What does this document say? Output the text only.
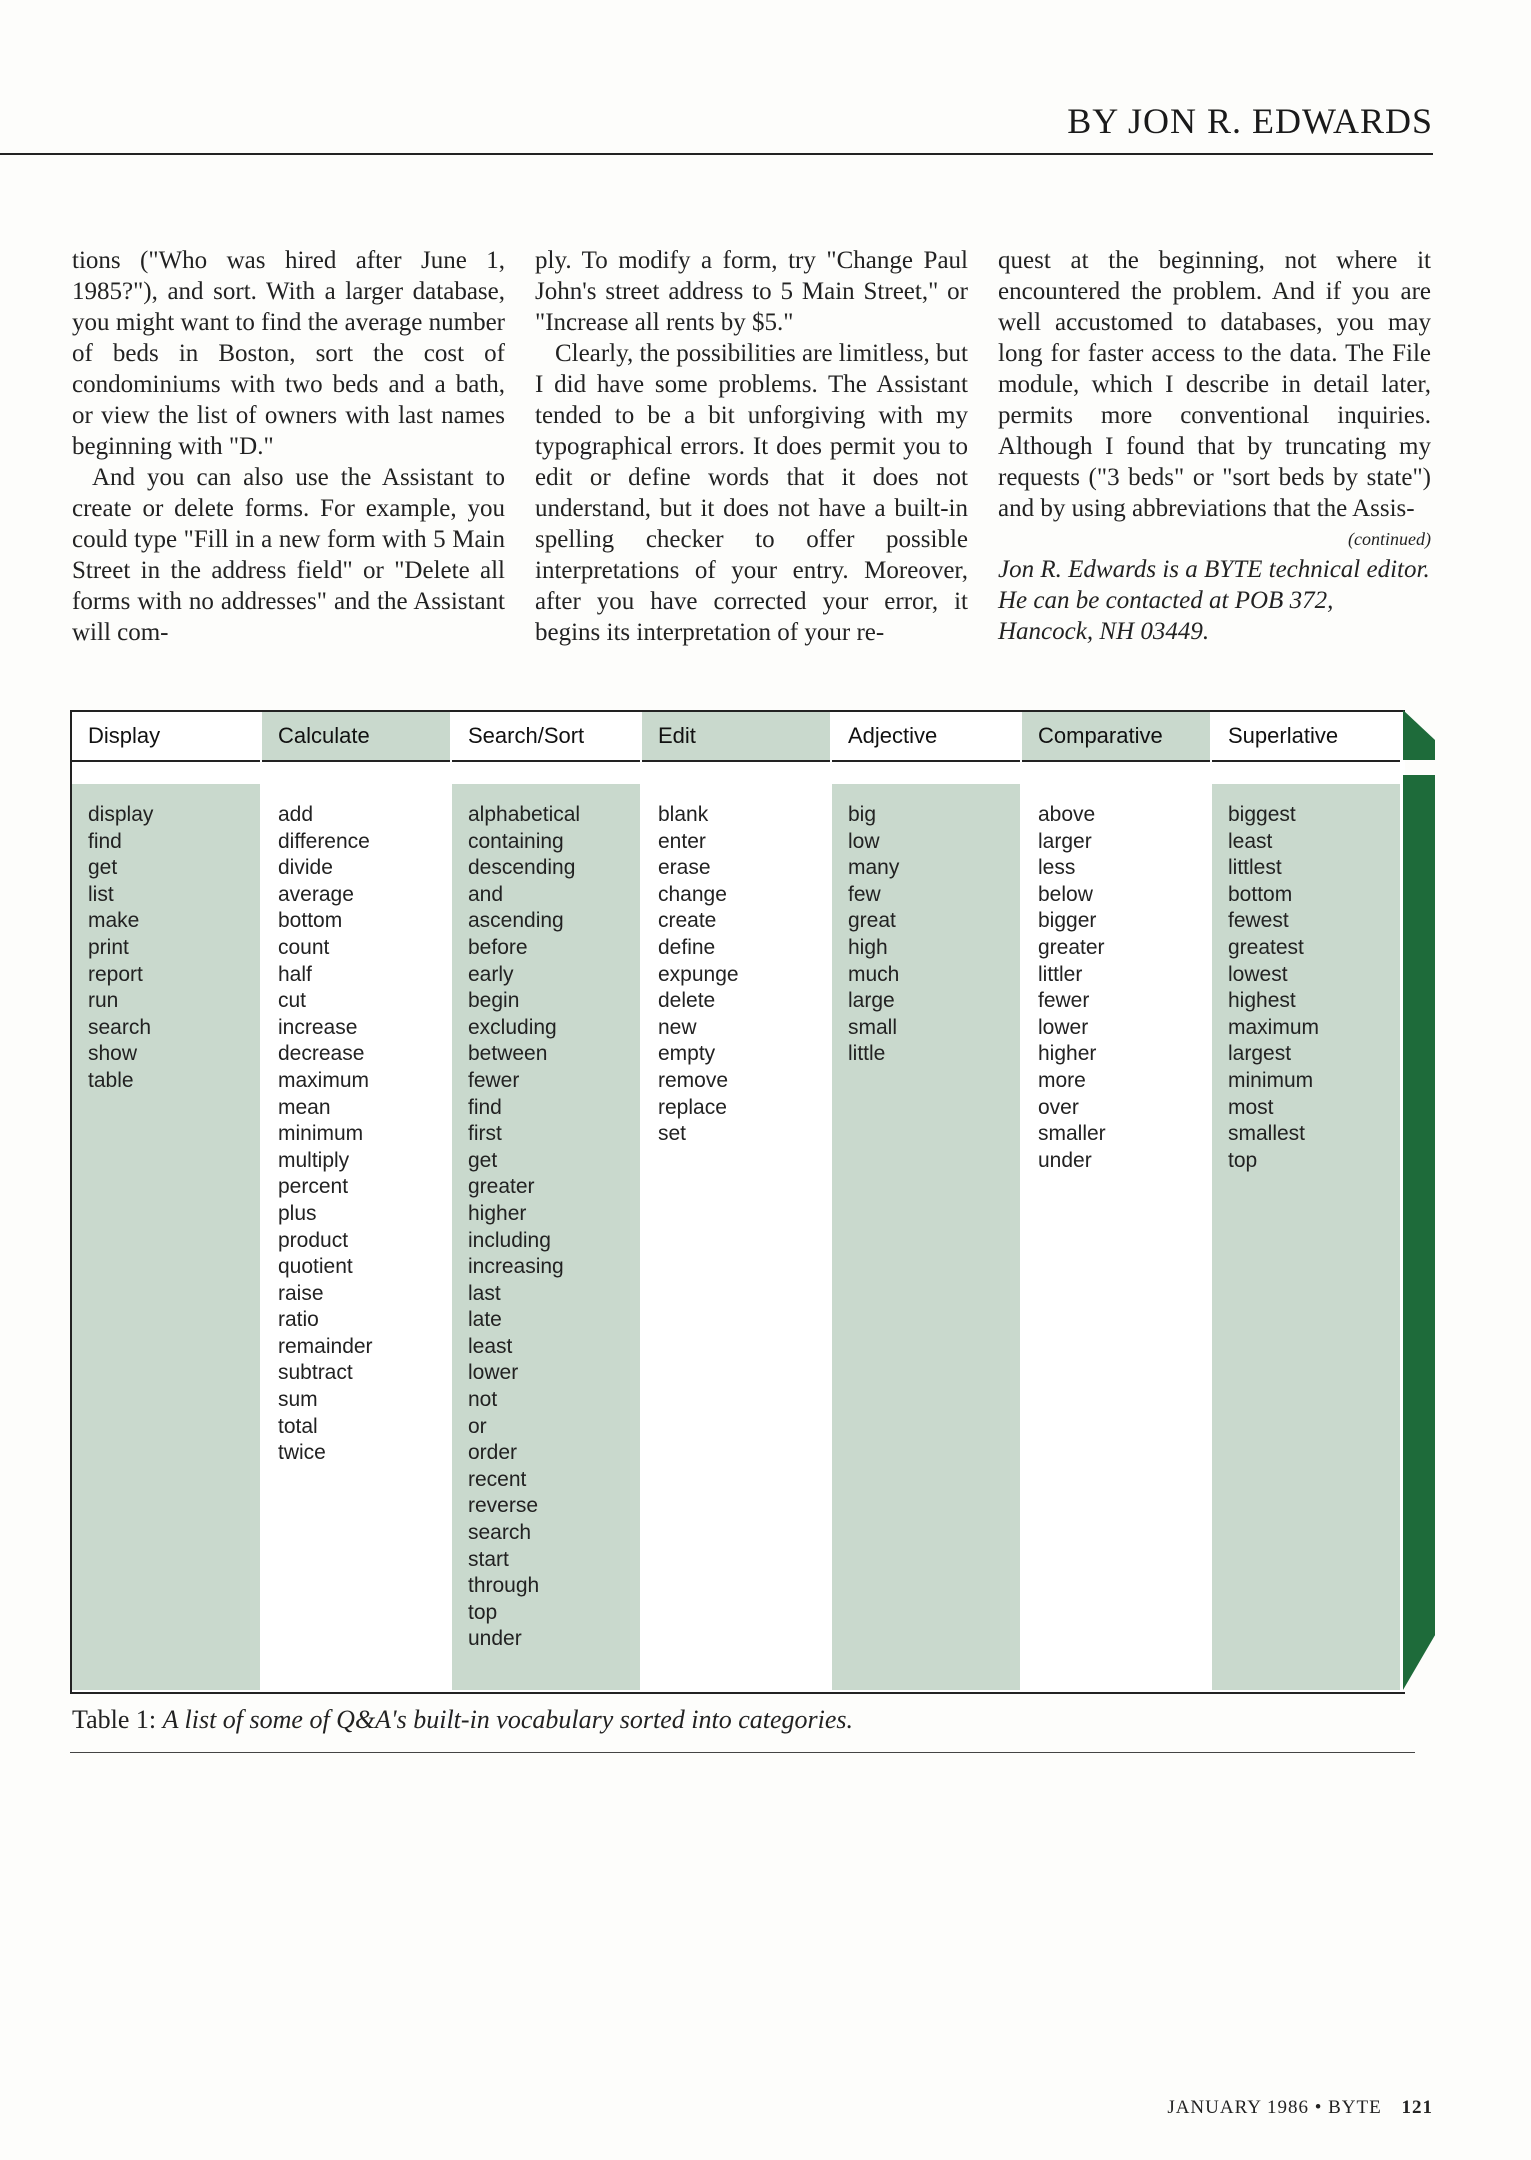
BY JON R. EDWARDS

tions ("Who was hired after June 1, 1985?"), and sort. With a larger database, you might want to find the average number of beds in Boston, sort the cost of condominiums with two beds and a bath, or view the list of owners with last names beginning with "D."

And you can also use the Assistant to create or delete forms. For example, you could type "Fill in a new form with 5 Main Street in the address field" or "Delete all forms with no addresses" and the Assistant will com-

ply. To modify a form, try "Change Paul John's street address to 5 Main Street," or "Increase all rents by $5."

Clearly, the possibilities are limitless, but I did have some problems. The Assistant tended to be a bit unforgiving with my typographical errors. It does permit you to edit or define words that it does not understand, but it does not have a built-in spelling checker to offer possible interpretations of your entry. Moreover, after you have corrected your error, it begins its interpretation of your re-

quest at the beginning, not where it encountered the problem. And if you are well accustomed to databases, you may long for faster access to the data. The File module, which I describe in detail later, permits more conventional inquiries. Although I found that by truncating my requests ("3 beds" or "sort beds by state") and by using abbreviations that the Assis-

(continued)

Jon R. Edwards is a BYTE technical editor. He can be contacted at POB 372, Hancock, NH 03449.

Display
display
find
get
list
make
print
report
run
search
show
table
Calculate
add
difference
divide
average
bottom
count
half
cut
increase
decrease
maximum
mean
minimum
multiply
percent
plus
product
quotient
raise
ratio
remainder
subtract
sum
total
twice
Search/Sort
alphabetical
containing
descending
and
ascending
before
early
begin
excluding
between
fewer
find
first
get
greater
higher
including
increasing
last
late
least
lower
not
or
order
recent
reverse
search
start
through
top
under
Edit
blank
enter
erase
change
create
define
expunge
delete
new
empty
remove
replace
set
Adjective
big
low
many
few
great
high
much
large
small
little
Comparative
above
larger
less
below
bigger
greater
littler
fewer
lower
higher
more
over
smaller
under
Superlative
biggest
least
littlest
bottom
fewest
greatest
lowest
highest
maximum
largest
minimum
most
smallest
top
Table 1: A list of some of Q&A's built-in vocabulary sorted into categories.
JANUARY 1986 • BYTE 121
